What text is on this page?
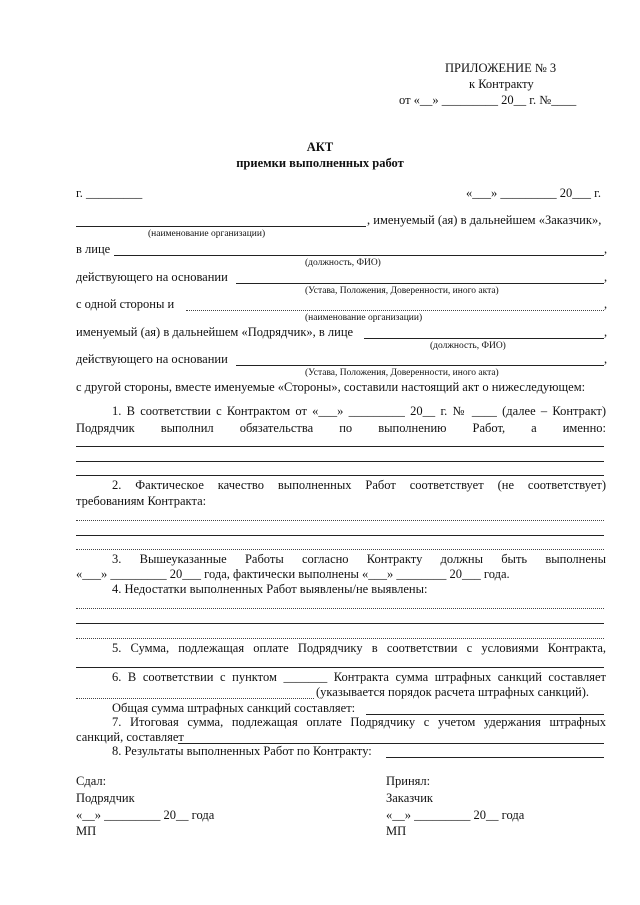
ПРИЛОЖЕНИЕ № 3
к Контракту
от «__» _________ 20__ г. №____
АКТ
приемки выполненных работ
г. _________	«___» _________ 20___ г.
, именуемый (ая) в дальнейшем «Заказчик»,
(наименование организации)
в лице	,
(должность, ФИО)
действующего на основании	,
(Устава, Положения, Доверенности, иного акта)
с одной стороны и	,
(наименование организации)
именуемый (ая) в дальнейшем «Подрядчик», в лице	,
(должность, ФИО)
действующего на основании	,
(Устава, Положения, Доверенности, иного акта)
с другой стороны, вместе именуемые «Стороны», составили настоящий акт о нижеследующем:
1. В соответствии с Контрактом от «___» _________ 20__ г. № ____ (далее – Контракт)
Подрядчик выполнил обязательства по выполнению Работ, а именно:
2. Фактическое качество выполненных Работ соответствует (не соответствует)
требованиям Контракта:
3. Вышеуказанные Работы согласно Контракту должны быть выполнены
«___» _________ 20___ года, фактически выполнены «___» ________ 20___ года.
4. Недостатки выполненных Работ выявлены/не выявлены:
5. Сумма, подлежащая оплате Подрядчику в соответствии с условиями Контракта,
6. В соответствии с пунктом _______ Контракта сумма штрафных санкций составляет
(указывается порядок расчета штрафных санкций).
Общая сумма штрафных санкций составляет:
7. Итоговая сумма, подлежащая оплате Подрядчику с учетом удержания штрафных
санкций, составляет
8. Результаты выполненных Работ по Контракту:
Сдал:
Подрядчик
«__» _________ 20__ года
МП
Принял:
Заказчик
«__» _________ 20__ года
МП
